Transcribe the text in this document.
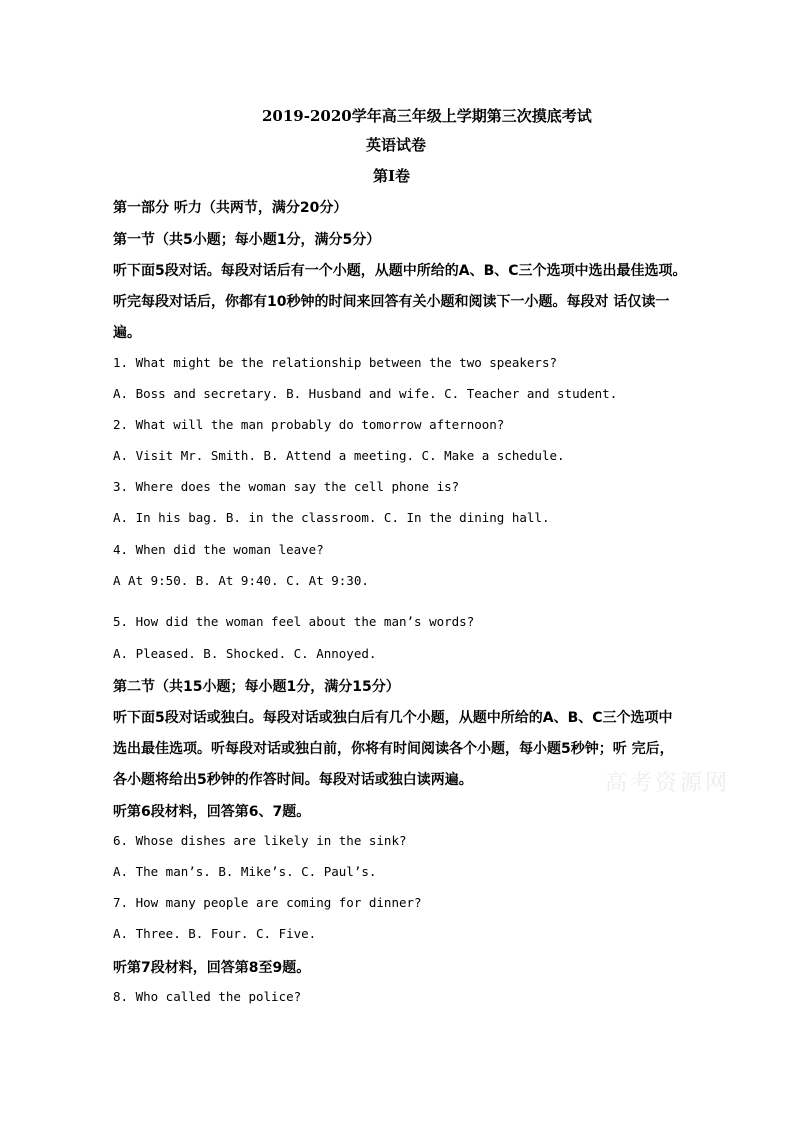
2019-2020学年高三年级上学期第三次摸底考试
英语试卷
第Ⅰ卷
第一部分 听力（共两节，满分20分）
第一节（共5小题；每小题1分，满分5分）
听下面5段对话。每段对话后有一个小题，从题中所给的A、B、C三个选项中选出最佳选项。
听完每段对话后，你都有10秒钟的时间来回答有关小题和阅读下一小题。每段对 话仅读一
遍。
1. What might be the relationship between the two speakers?
A. Boss and secretary. B. Husband and wife. C. Teacher and student.
2. What will the man probably do tomorrow afternoon?
A. Visit Mr. Smith. B. Attend a meeting. C. Make a schedule.
3. Where does the woman say the cell phone is?
A. In his bag. B. in the classroom. C. In the dining hall.
4. When did the woman leave?
A At 9:50. B. At 9:40. C. At 9:30.
5. How did the woman feel about the man’s words?
A. Pleased. B. Shocked. C. Annoyed.
第二节（共15小题；每小题1分，满分15分）
听下面5段对话或独白。每段对话或独白后有几个小题，从题中所给的A、B、C三个选项中
选出最佳选项。听每段对话或独白前，你将有时间阅读各个小题，每小题5秒钟；听 完后，
各小题将给出5秒钟的作答时间。每段对话或独白读两遍。
听第6段材料，回答第6、7题。
6. Whose dishes are likely in the sink?
A. The man’s. B. Mike’s. C. Paul’s.
7. How many people are coming for dinner?
A. Three. B. Four. C. Five.
听第7段材料，回答第8至9题。
8. Who called the police?
高考资源网
